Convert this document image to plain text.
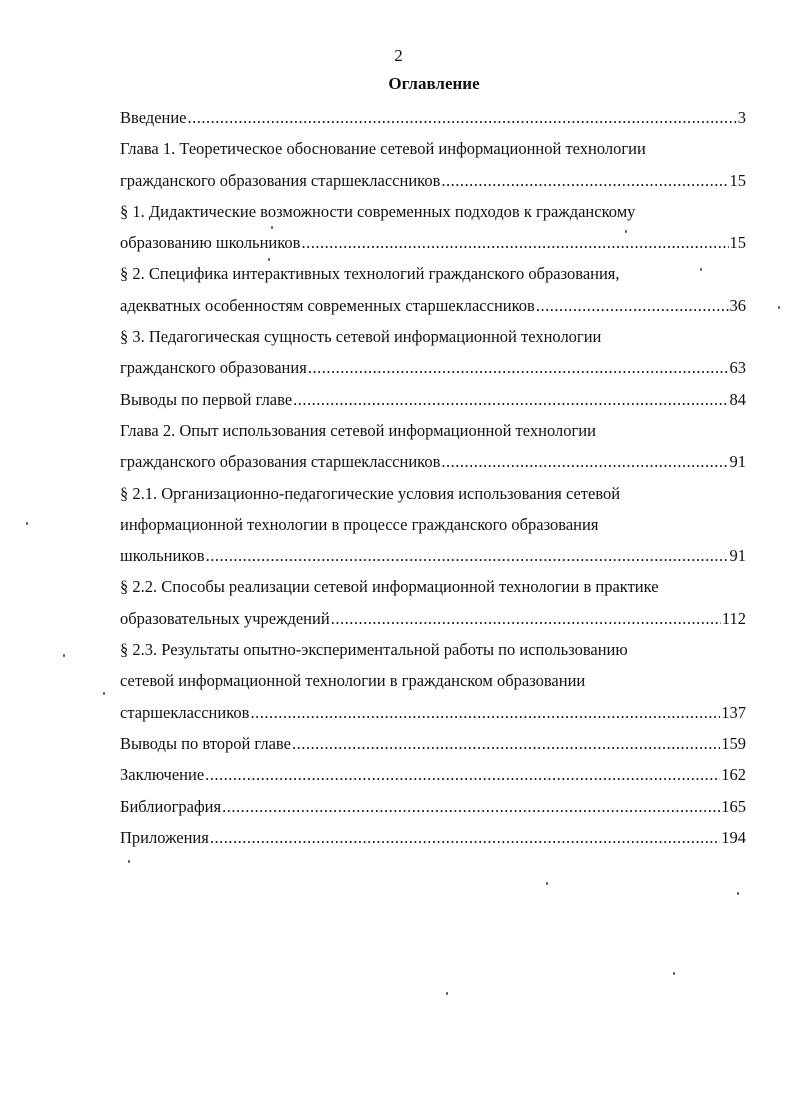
2
Оглавление
Введение .....	3
Глава 1. Теоретическое обоснование сетевой информационной технологии
гражданского образования старшеклассников .....	15
§ 1. Дидактические возможности современных подходов к гражданскому
образованию школьников .....	15
§ 2. Специфика интерактивных технологий гражданского образования,
адекватных особенностям современных старшеклассников .....	36
§ 3. Педагогическая сущность сетевой информационной технологии
гражданского образования .....	63
Выводы по первой главе .....	84
Глава 2. Опыт использования сетевой информационной технологии
гражданского образования старшеклассников .....	91
§ 2.1. Организационно-педагогические условия использования сетевой
информационной технологии в процессе гражданского образования
школьников .....	91
§ 2.2. Способы реализации сетевой информационной технологии в практике
образовательных учреждений .....	112
§ 2.3. Результаты опытно-экспериментальной работы по использованию
сетевой информационной технологии в гражданском образовании
старшеклассников .....	137
Выводы по второй главе .....	159
Заключение .....	162
Библиография .....	165
Приложения .....	194
